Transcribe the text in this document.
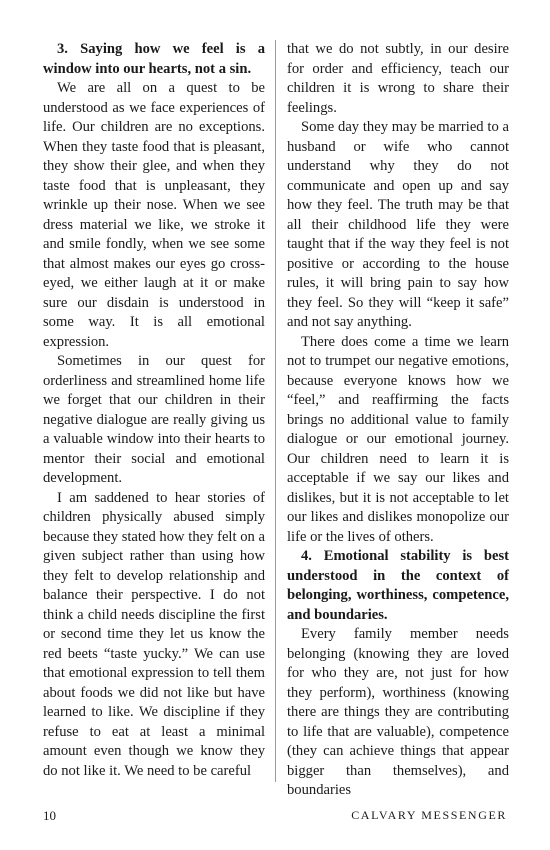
3. Saying how we feel is a window into our hearts, not a sin.

We are all on a quest to be understood as we face experiences of life. Our children are no exceptions. When they taste food that is pleasant, they show their glee, and when they taste food that is unpleasant, they wrinkle up their nose. When we see dress material we like, we stroke it and smile fondly, when we see some that almost makes our eyes go cross-eyed, we either laugh at it or make sure our disdain is understood in some way. It is all emotional expression.

Sometimes in our quest for orderliness and streamlined home life we forget that our children in their negative dialogue are really giving us a valuable window into their hearts to mentor their social and emotional development.

I am saddened to hear stories of children physically abused simply because they stated how they felt on a given subject rather than using how they felt to develop relationship and balance their perspective. I do not think a child needs discipline the first or second time they let us know the red beets “taste yucky.” We can use that emotional expression to tell them about foods we did not like but have learned to like. We discipline if they refuse to eat at least a minimal amount even though we know they do not like it. We need to be careful

that we do not subtly, in our desire for order and efficiency, teach our children it is wrong to share their feelings.

Some day they may be married to a husband or wife who cannot understand why they do not communicate and open up and say how they feel. The truth may be that all their childhood life they were taught that if the way they feel is not positive or according to the house rules, it will bring pain to say how they feel. So they will “keep it safe” and not say anything.

There does come a time we learn not to trumpet our negative emotions, because everyone knows how we “feel,” and reaffirming the facts brings no additional value to family dialogue or our emotional journey. Our children need to learn it is acceptable if we say our likes and dislikes, but it is not acceptable to let our likes and dislikes monopolize our life or the lives of others.

4. Emotional stability is best understood in the context of belonging, worthiness, competence, and boundaries.

Every family member needs belonging (knowing they are loved for who they are, not just for how they perform), worthiness (knowing there are things they are contributing to life that are valuable), competence (they can achieve things that appear bigger than themselves), and boundaries

10	CALVARY MESSENGER
